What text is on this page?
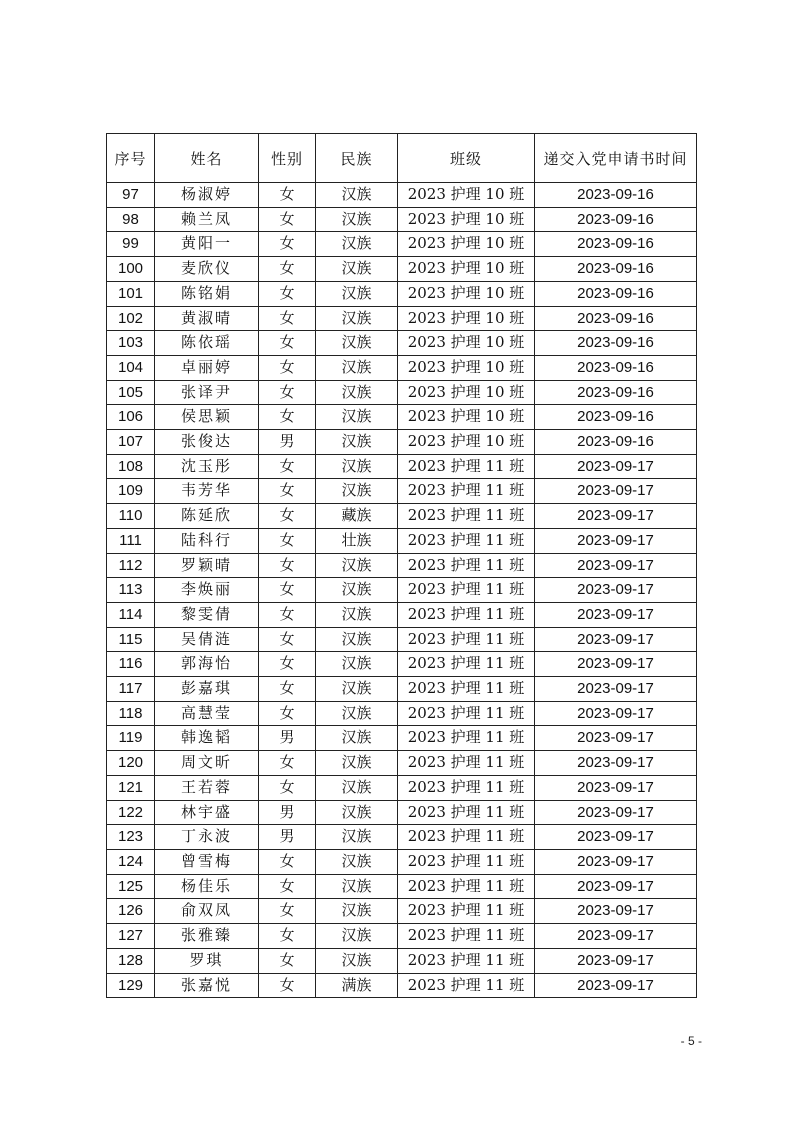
序号	姓名	性别	民族	班级	递交入党申请书时间
97	杨淑婷	女	汉族	2023 护理 10 班	2023-09-16
98	赖兰凤	女	汉族	2023 护理 10 班	2023-09-16
99	黄阳一	女	汉族	2023 护理 10 班	2023-09-16
100	麦欣仪	女	汉族	2023 护理 10 班	2023-09-16
101	陈铭娟	女	汉族	2023 护理 10 班	2023-09-16
102	黄淑晴	女	汉族	2023 护理 10 班	2023-09-16
103	陈依瑶	女	汉族	2023 护理 10 班	2023-09-16
104	卓丽婷	女	汉族	2023 护理 10 班	2023-09-16
105	张译尹	女	汉族	2023 护理 10 班	2023-09-16
106	侯思颖	女	汉族	2023 护理 10 班	2023-09-16
107	张俊达	男	汉族	2023 护理 10 班	2023-09-16
108	沈玉彤	女	汉族	2023 护理 11 班	2023-09-17
109	韦芳华	女	汉族	2023 护理 11 班	2023-09-17
110	陈延欣	女	藏族	2023 护理 11 班	2023-09-17
111	陆科行	女	壮族	2023 护理 11 班	2023-09-17
112	罗颖晴	女	汉族	2023 护理 11 班	2023-09-17
113	李焕丽	女	汉族	2023 护理 11 班	2023-09-17
114	黎雯倩	女	汉族	2023 护理 11 班	2023-09-17
115	吴倩涟	女	汉族	2023 护理 11 班	2023-09-17
116	郭海怡	女	汉族	2023 护理 11 班	2023-09-17
117	彭嘉琪	女	汉族	2023 护理 11 班	2023-09-17
118	高慧莹	女	汉族	2023 护理 11 班	2023-09-17
119	韩逸韬	男	汉族	2023 护理 11 班	2023-09-17
120	周文昕	女	汉族	2023 护理 11 班	2023-09-17
121	王若蓉	女	汉族	2023 护理 11 班	2023-09-17
122	林宇盛	男	汉族	2023 护理 11 班	2023-09-17
123	丁永波	男	汉族	2023 护理 11 班	2023-09-17
124	曾雪梅	女	汉族	2023 护理 11 班	2023-09-17
125	杨佳乐	女	汉族	2023 护理 11 班	2023-09-17
126	俞双凤	女	汉族	2023 护理 11 班	2023-09-17
127	张雅臻	女	汉族	2023 护理 11 班	2023-09-17
128	罗琪	女	汉族	2023 护理 11 班	2023-09-17
129	张嘉悦	女	满族	2023 护理 11 班	2023-09-17
- 5 -
